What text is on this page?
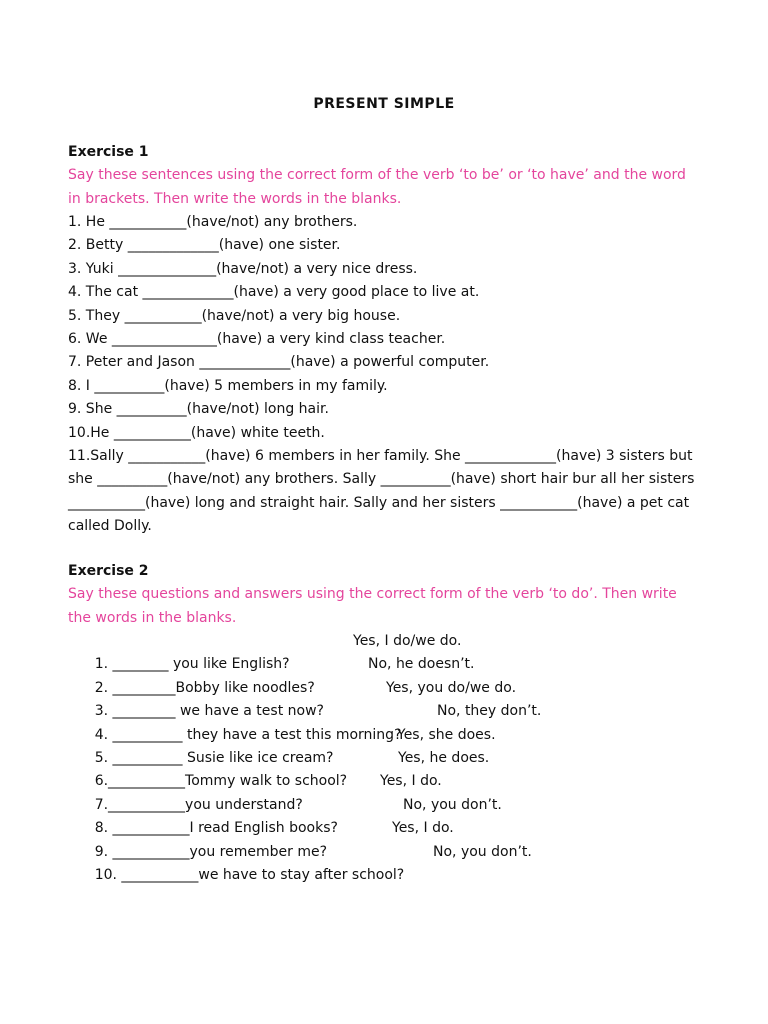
PRESENT SIMPLE
Exercise 1
Say these sentences using the correct form of the verb ‘to be’ or ‘to have’ and the word in brackets. Then write the words in the blanks.
1. He ___________(have/not) any brothers.
2. Betty _____________(have) one sister.
3. Yuki ______________(have/not) a very nice dress.
4. The cat _____________(have) a very good place to live at.
5. They ___________(have/not) a very big house.
6. We _______________(have) a very kind class teacher.
7. Peter and Jason _____________(have) a powerful computer.
8. I __________(have) 5 members in my family.
9. She __________(have/not) long hair.
10.He ___________(have) white teeth.
11.Sally ___________(have) 6 members in her family. She _____________(have) 3 sisters but she __________(have/not) any brothers. Sally __________(have) short hair bur all her sisters ___________(have) long and straight hair. Sally and her sisters ___________(have) a pet cat called Dolly.
Exercise 2
Say these questions and answers using the correct form of the verb ‘to do’. Then write the words in the blanks.

1. ________ you like English?

Yes, I do/we do.

2. _________Bobby like noodles?

No, he doesn’t.

3. _________ we have a test now?

Yes, you do/we do.

4. __________ they have a test this morning?

No, they don’t.

5. __________ Susie like ice cream?

Yes, she does.

6.___________Tommy walk to school?

Yes, he does.

7.___________you understand?

Yes, I do.

8. ___________I read English books?

No, you don’t.

9. ___________you remember me?

Yes, I do.

10. ___________we have to stay after school?

No, you don’t.
